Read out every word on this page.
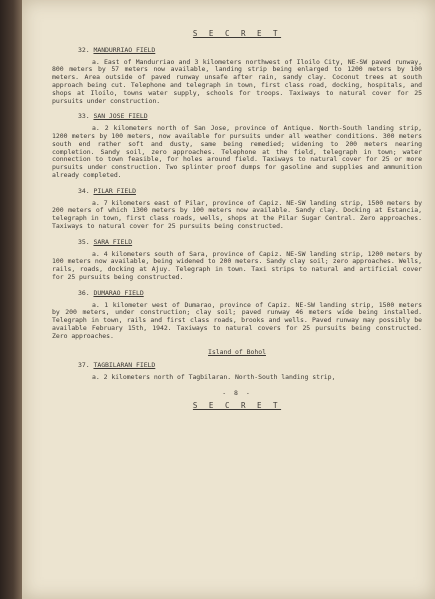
S E C R E T
32. MANDURRIAO FIELD
a. East of Mandurriao and 3 kilometers northwest of Iloilo City, NE-SW paved runway, 800 meters by 57 meters now available, landing strip being enlarged to 1200 meters by 100 meters. Area outside of paved runway unsafe after rain, sandy clay. Coconut trees at south approach being cut. Telephone and telegraph in town, first class road, docking, hospitals, and shops at Iloilo, towns water supply, schools for troops. Taxiways to natural cover for 25 pursuits under construction.
33. SAN JOSE FIELD
a. 2 kilometers north of San Jose, province of Antique. North-South landing strip, 1200 meters by 100 meters, now available for pursuits under all weather conditions. 300 meters south end rather soft and dusty, same being remedied; widening to 200 meters nearing completion. Sandy soil, zero approaches. Telephone at the field, telegraph in town; water connection to town feasible, for holes around field. Taxiways to natural cover for 25 or more pursuits under construction. Two splinter proof dumps for gasoline and supplies and ammunition already completed.
34. PILAR FIELD
a. 7 kilometers east of Pilar, province of Capiz. NE-SW landing strip, 1500 meters by 200 meters of which 1300 meters by 100 meters now available. Sandy clay. Docking at Estancia, telegraph in town, first class roads, wells, shops at the Pilar Sugar Central. Zero approaches. Taxiways to natural cover for 25 pursuits being constructed.
35. SARA FIELD
a. 4 kilometers south of Sara, province of Capiz. NE-SW landing strip, 1200 meters by 100 meters now available, being widened to 200 meters. Sandy clay soil; zero approaches. Wells, rails, roads, docking at Ajuy. Telegraph in town. Taxi strips to natural and artificial cover for 25 pursuits being constructed.
36. DUMARAO FIELD
a. 1 kilometer west of Dumarao, province of Capiz. NE-SW landing strip, 1500 meters by 200 meters, under construction; clay soil; paved runway 46 meters wide being installed. Telegraph in town, rails and first class roads, brooks and wells. Paved runway may possibly be available February 15th, 1942. Taxiways to natural covers for 25 pursuits being constructed. Zero approaches.
Island of Bohol
37. TAGBILARAN FIELD
a. 2 kilometers north of Tagbilaran. North-South landing strip,
- 8 -
S E C R E T
